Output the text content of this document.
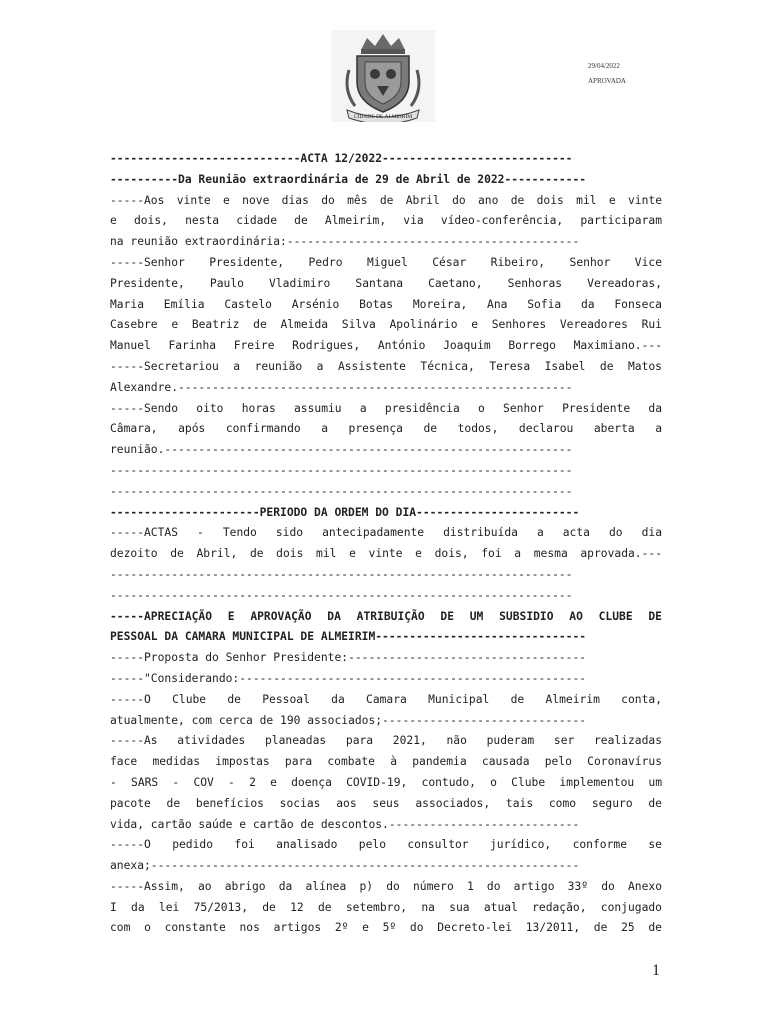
CIDADE DE ALMEIRIM
29/04/2022
APROVADA
----------------------------ACTA 12/2022----------------------------
----------Da Reunião extraordinária de 29 de Abril de 2022------------
-----Aos vinte e nove dias do mês de Abril do ano de dois mil e vinte
e dois, nesta cidade de Almeirim, via vídeo-conferência, participaram
na reunião extraordinária:-------------------------------------------
-----Senhor Presidente, Pedro Miguel César Ribeiro, Senhor Vice
Presidente, Paulo Vladimiro Santana Caetano, Senhoras Vereadoras,
Maria Emília Castelo Arsénio Botas Moreira, Ana Sofia da Fonseca
Casebre e Beatriz de Almeida Silva Apolinário e Senhores Vereadores Rui
Manuel Farinha Freire Rodrigues, António Joaquim Borrego Maximiano.---
-----Secretariou a reunião a Assistente Técnica, Teresa Isabel de Matos
Alexandre.----------------------------------------------------------
-----Sendo oito horas assumiu a presidência o Senhor Presidente da
Câmara, após confirmando a presença de todos, declarou aberta a
reunião.------------------------------------------------------------
--------------------------------------------------------------------
--------------------------------------------------------------------
----------------------PERIODO DA ORDEM DO DIA------------------------
-----ACTAS - Tendo sido antecipadamente distribuída a acta do dia
dezoito de Abril, de dois mil e vinte e dois, foi a mesma aprovada.---
--------------------------------------------------------------------
--------------------------------------------------------------------
-----APRECIAÇÃO E APROVAÇÃO DA ATRIBUIÇÃO DE UM SUBSIDIO AO CLUBE DE
PESSOAL DA CAMARA MUNICIPAL DE ALMEIRIM-------------------------------
-----Proposta do Senhor Presidente:-----------------------------------
-----"Considerando:---------------------------------------------------
-----O Clube de Pessoal da Camara Municipal de Almeirim conta,
atualmente, com cerca de 190 associados;------------------------------
-----As atividades planeadas para 2021, não puderam ser realizadas
face medidas impostas para combate à pandemia causada pelo Coronavírus
- SARS - COV - 2 e doença COVID-19, contudo, o Clube implementou um
pacote de benefícios socias aos seus associados, tais como seguro de
vida, cartão saúde e cartão de descontos.----------------------------
-----O pedido foi analisado pelo consultor jurídico, conforme se
anexa;---------------------------------------------------------------
-----Assim, ao abrigo da alínea p) do número 1 do artigo 33º do Anexo
I da lei 75/2013, de 12 de setembro, na sua atual redação, conjugado
com o constante nos artigos 2º e 5º do Decreto-lei 13/2011, de 25 de
1
